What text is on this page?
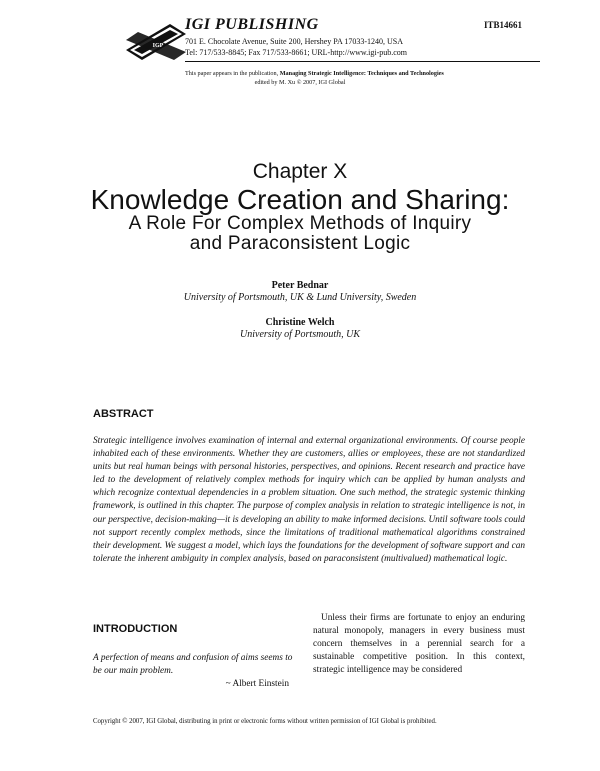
IGP
IGI PUBLISHING	ITB14661
701 E. Chocolate Avenue, Suite 200, Hershey PA 17033-1240, USA
Tel: 717/533-8845; Fax 717/533-8661; URL-http://www.igi-pub.com
This paper appears in the publication, Managing Strategic Intelligence: Techniques and Technologies
edited by M. Xu © 2007, IGI Global
Chapter X
Knowledge Creation and Sharing:
A Role For Complex Methods of Inquiry
and Paraconsistent Logic
Peter Bednar
University of Portsmouth, UK & Lund University, Sweden
Christine Welch
University of Portsmouth, UK
ABSTRACT
Strategic intelligence involves examination of internal and external organizational environments. Of course people inhabited each of these environments. Whether they are customers, allies or employees, these are not standardized units but real human beings with personal histories, perspectives, and opinions. Recent research and practice have led to the development of relatively complex methods for inquiry which can be applied by human analysts and which recognize contextual dependencies in a problem situation. One such method, the strategic systemic thinking framework, is outlined in this chapter. The purpose of complex analysis in relation to strategic intelligence is not, in our perspective, decision-making—it is developing an ability to make informed decisions. Until software tools could not support recently complex methods, since the limitations of traditional mathematical algorithms constrained their development. We suggest a model, which lays the foundations for the development of software support and can tolerate the inherent ambiguity in complex analysis, based on paraconsistent (multivalued) mathematical logic.
INTRODUCTION
A perfection of means and confusion of aims seems to be our main problem.
~ Albert Einstein
Unless their firms are fortunate to enjoy an enduring natural monopoly, managers in every business must concern themselves in a perennial search for a sustainable competitive position. In this context, strategic intelligence may be considered
Copyright © 2007, IGI Global, distributing in print or electronic forms without written permission of IGI Global is prohibited.
